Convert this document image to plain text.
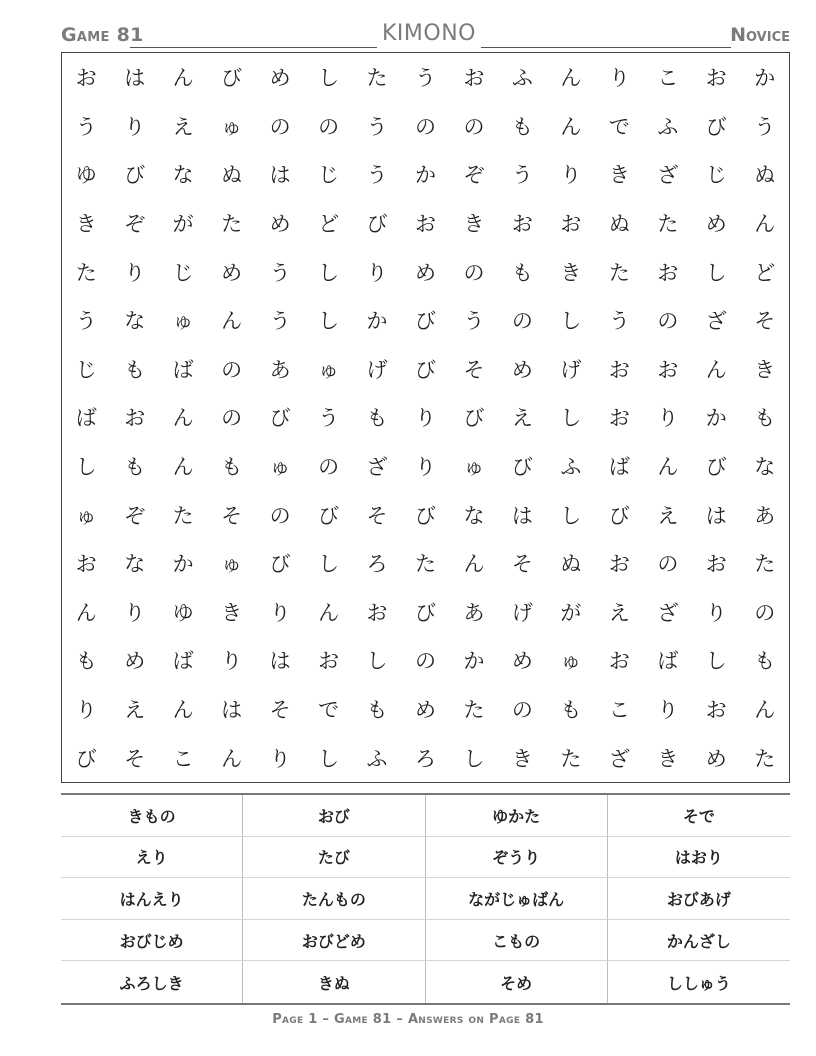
Game 81	KIMONO	Novice
お	は	ん	び	め	し	た	う	お	ふ	ん	り	こ	お	か
う	り	え	ゅ	の	の	う	の	の	も	ん	で	ふ	び	う
ゆ	び	な	ぬ	は	じ	う	か	ぞ	う	り	き	ざ	じ	ぬ
き	ぞ	が	た	め	ど	び	お	き	お	お	ぬ	た	め	ん
た	り	じ	め	う	し	り	め	の	も	き	た	お	し	ど
う	な	ゅ	ん	う	し	か	び	う	の	し	う	の	ざ	そ
じ	も	ば	の	あ	ゅ	げ	び	そ	め	げ	お	お	ん	き
ば	お	ん	の	び	う	も	り	び	え	し	お	り	か	も
し	も	ん	も	ゅ	の	ざ	り	ゅ	び	ふ	ば	ん	び	な
ゅ	ぞ	た	そ	の	び	そ	び	な	は	し	び	え	は	あ
お	な	か	ゅ	び	し	ろ	た	ん	そ	ぬ	お	の	お	た
ん	り	ゆ	き	り	ん	お	び	あ	げ	が	え	ざ	り	の
も	め	ば	り	は	お	し	の	か	め	ゅ	お	ば	し	も
り	え	ん	は	そ	で	も	め	た	の	も	こ	り	お	ん
び	そ	こ	ん	り	し	ふ	ろ	し	き	た	ざ	き	め	た
きもの	おび	ゆかた	そで
えり	たび	ぞうり	はおり
はんえり	たんもの	ながじゅばん	おびあげ
おびじめ	おびどめ	こもの	かんざし
ふろしき	きぬ	そめ	ししゅう
Page 1 – Game 81 – Answers on Page 81
